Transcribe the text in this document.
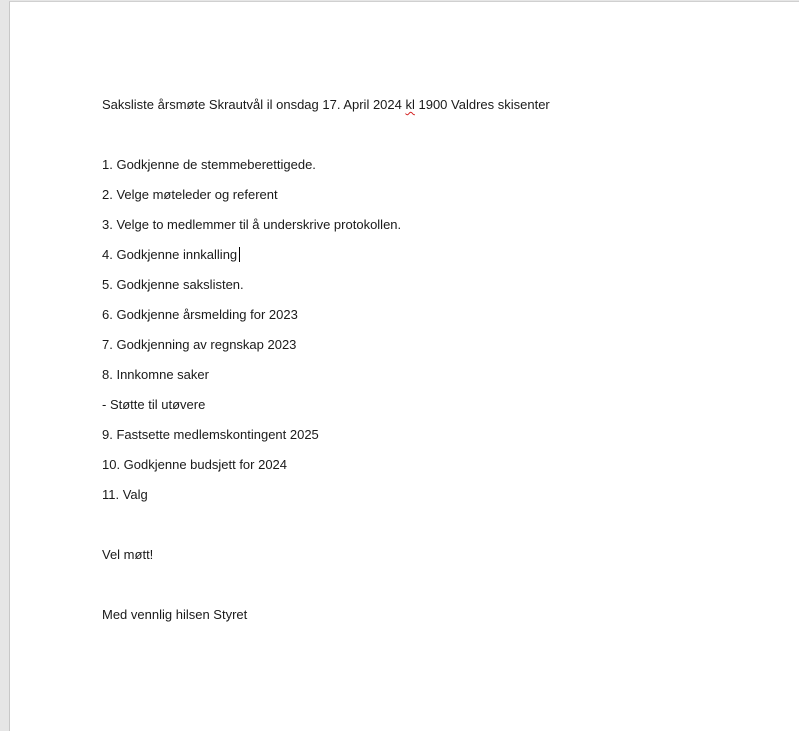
Saksliste årsmøte Skrautvål il onsdag 17. April 2024 kl 1900 Valdres skisenter
1. Godkjenne de stemmeberettigede.
2. Velge møteleder og referent
3. Velge to medlemmer til å underskrive protokollen.
4. Godkjenne innkalling
5. Godkjenne sakslisten.
6. Godkjenne årsmelding for 2023
7. Godkjenning av regnskap 2023
8. Innkomne saker
- Støtte til utøvere
9. Fastsette medlemskontingent 2025
10. Godkjenne budsjett for 2024
11. Valg
Vel møtt!
Med vennlig hilsen Styret
